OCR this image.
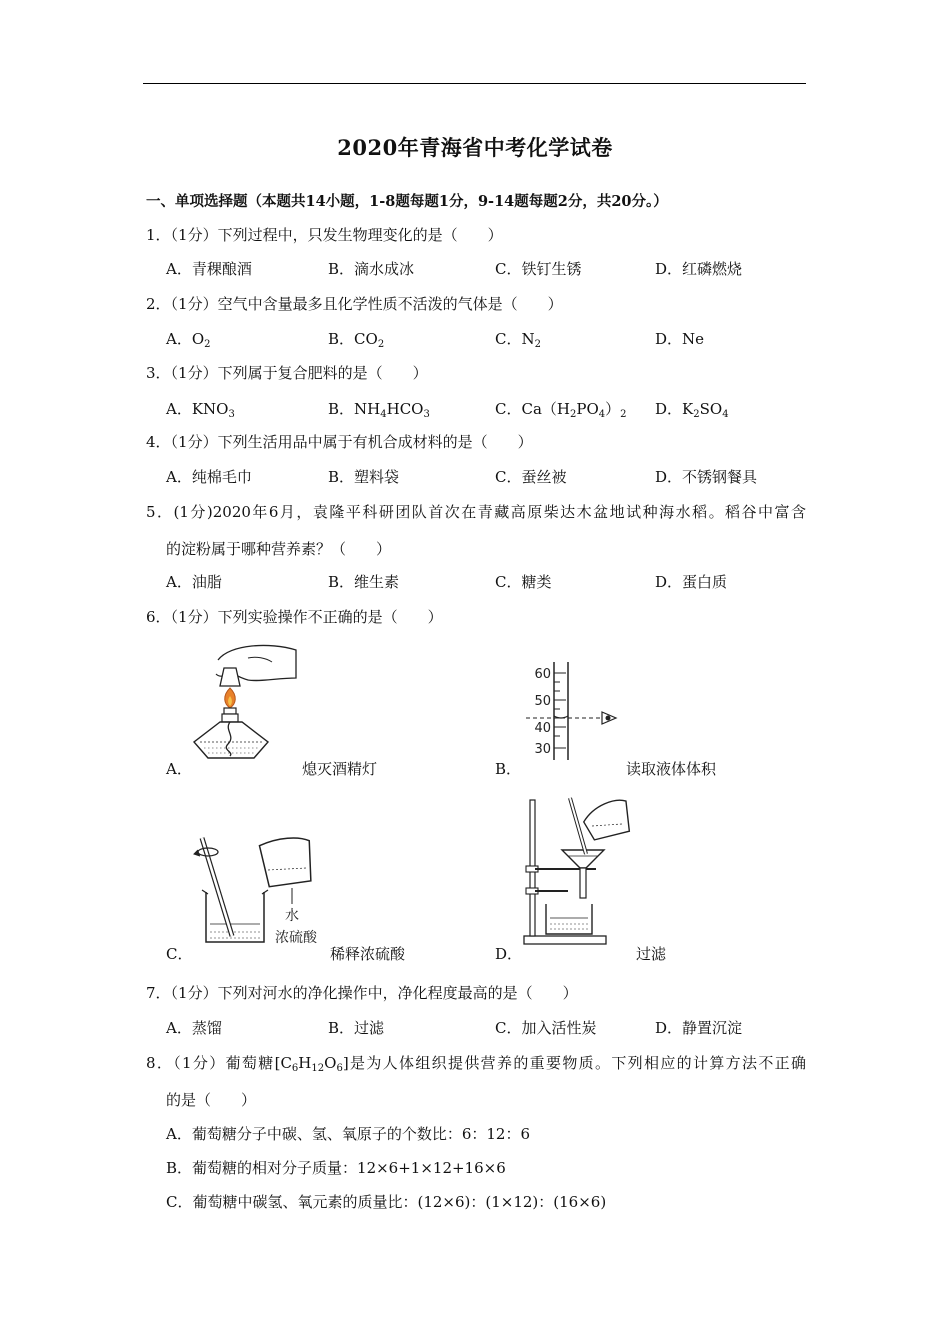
2020年青海省中考化学试卷
一、单项选择题（本题共14小题，1-8题每题1分，9-14题每题2分，共20分。）
1．（1分）下列过程中，只发生物理变化的是（　　）
A．青稞酿酒	B．滴水成冰	C．铁钉生锈	D．红磷燃烧
2．（1分）空气中含量最多且化学性质不活泼的气体是（　　）
A．$O_2$	B．$CO_2$	C．$N_2$	D．Ne
3．（1分）下列属于复合肥料的是（　　）
A．$KNO_3$	B．$NH_4HCO_3$	C．$Ca(H_2PO_4)_2$ D．$K_2SO_4$
4．（1分）下列生活用品中属于有机合成材料的是（　　）
A．纯棉毛巾	B．塑料袋	C．蚕丝被	D．不锈钢餐具
5．(1分)2020年6月，袁隆平科研团队首次在青藏高原柴达木盆地试种海水稻。稻谷中富含
的淀粉属于哪种营养素？（　　）
A．油脂	B．维生素	C．糖类	D．蛋白质
6．（1分）下列实验操作不正确的是（　　）
A．	熄灭酒精灯
60
50
40
30
B．	读取液体体积
水
浓硫酸
C．	稀释浓硫酸	D．	过滤
7．（1分）下列对河水的净化操作中，净化程度最高的是（　　）
A．蒸馏	B．过滤	C．加入活性炭	D．静置沉淀
8．（1分）葡萄糖$[C_6H_{12}O_6]$是为人体组织提供营养的重要物质。下列相应的计算方法不正确
的是（　　）
A．葡萄糖分子中碳、氢、氧原子的个数比：6：12：6
B．葡萄糖的相对分子质量：12×6+1×12+16×6
C．葡萄糖中碳氢、氧元素的质量比：(12×6)：(1×12)：(16×6)
